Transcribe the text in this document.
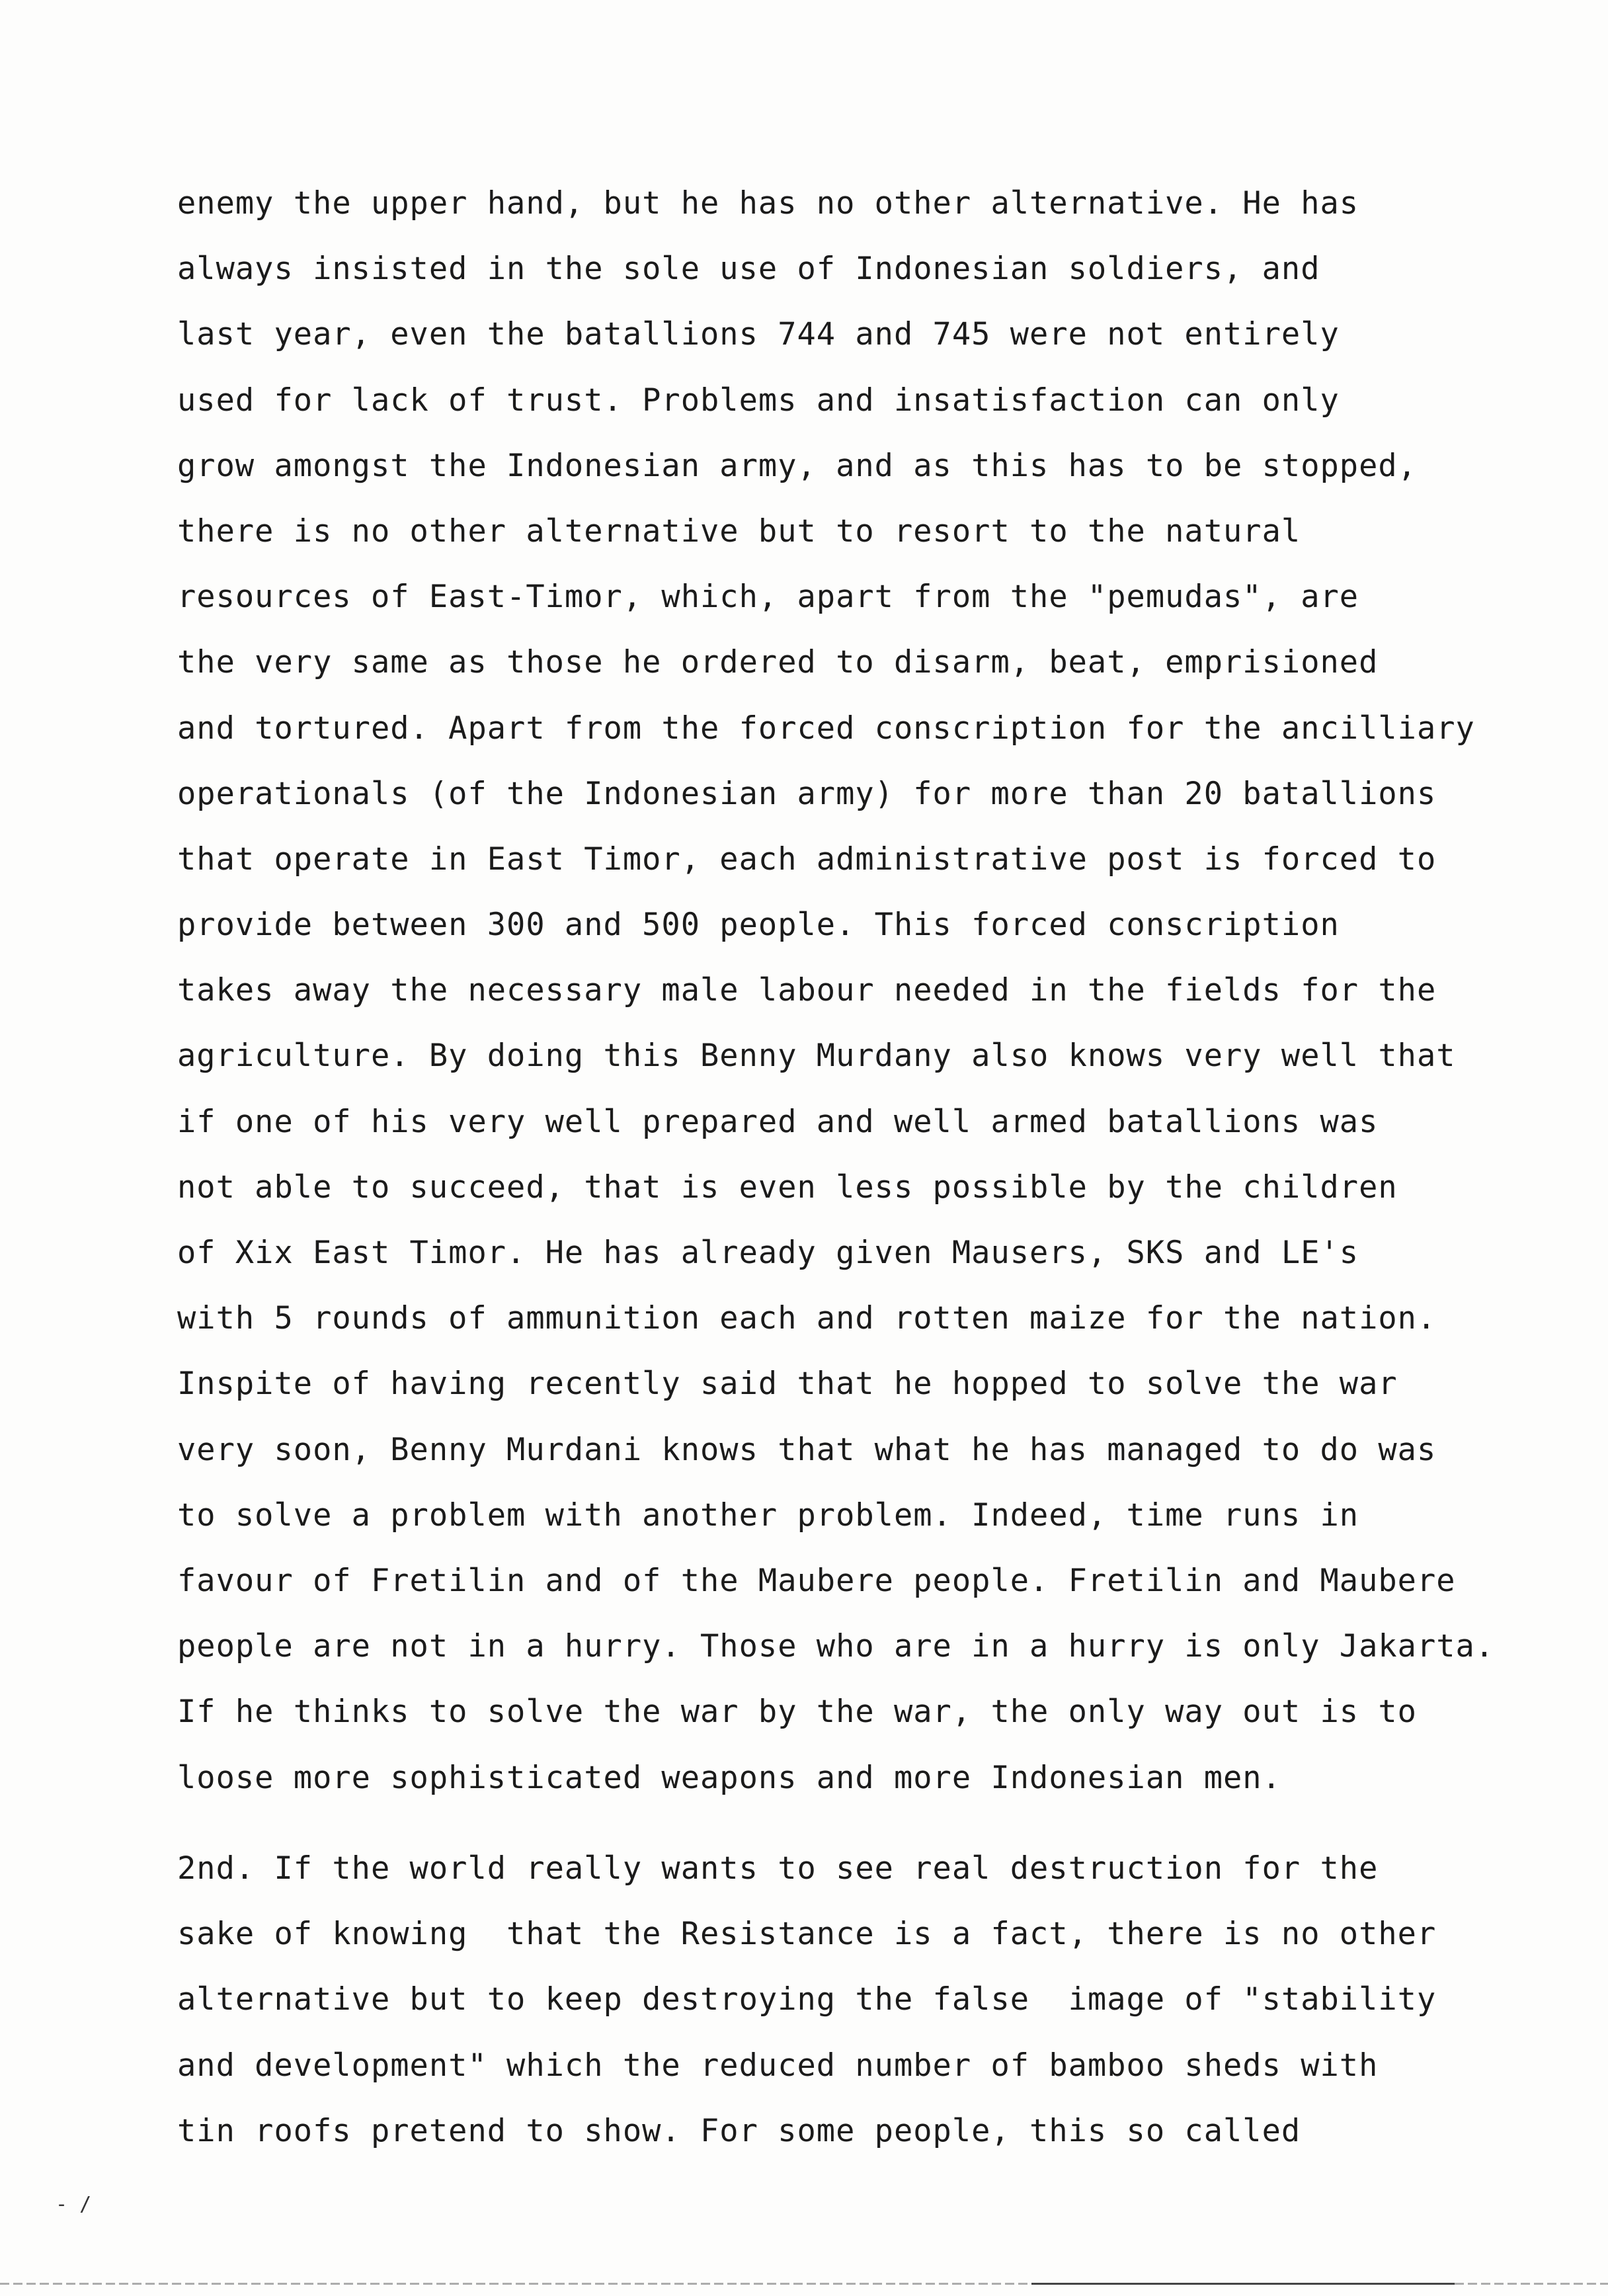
enemy the upper hand, but he has no other alternative. He has
always insisted in the sole use of Indonesian soldiers, and
last year, even the batallions 744 and 745 were not entirely
used for lack of trust. Problems and insatisfaction can only
grow amongst the Indonesian army, and as this has to be stopped,
there is no other alternative but to resort to the natural
resources of East-Timor, which, apart from the "pemudas", are
the very same as those he ordered to disarm, beat, emprisioned
and tortured. Apart from the forced conscription for the ancilliary
operationals (of the Indonesian army) for more than 20 batallions
that operate in East Timor, each administrative post is forced to
provide between 300 and 500 people. This forced conscription
takes away the necessary male labour needed in the fields for the
agriculture. By doing this Benny Murdany also knows very well that
if one of his very well prepared and well armed batallions was
not able to succeed, that is even less possible by the children
of Xix East Timor. He has already given Mausers, SKS and LE's
with 5 rounds of ammunition each and rotten maize for the nation.
Inspite of having recently said that he hopped to solve the war
very soon, Benny Murdani knows that what he has managed to do was
to solve a problem with another problem. Indeed, time runs in
favour of Fretilin and of the Maubere people. Fretilin and Maubere
people are not in a hurry. Those who are in a hurry is only Jakarta.
If he thinks to solve the war by the war, the only way out is to
loose more sophisticated weapons and more Indonesian men.
2nd. If the world really wants to see real destruction for the
sake of knowing  that the Resistance is a fact, there is no other
alternative but to keep destroying the false  image of "stability
and development" which the reduced number of bamboo sheds with
tin roofs pretend to show. For some people, this so called
- /
